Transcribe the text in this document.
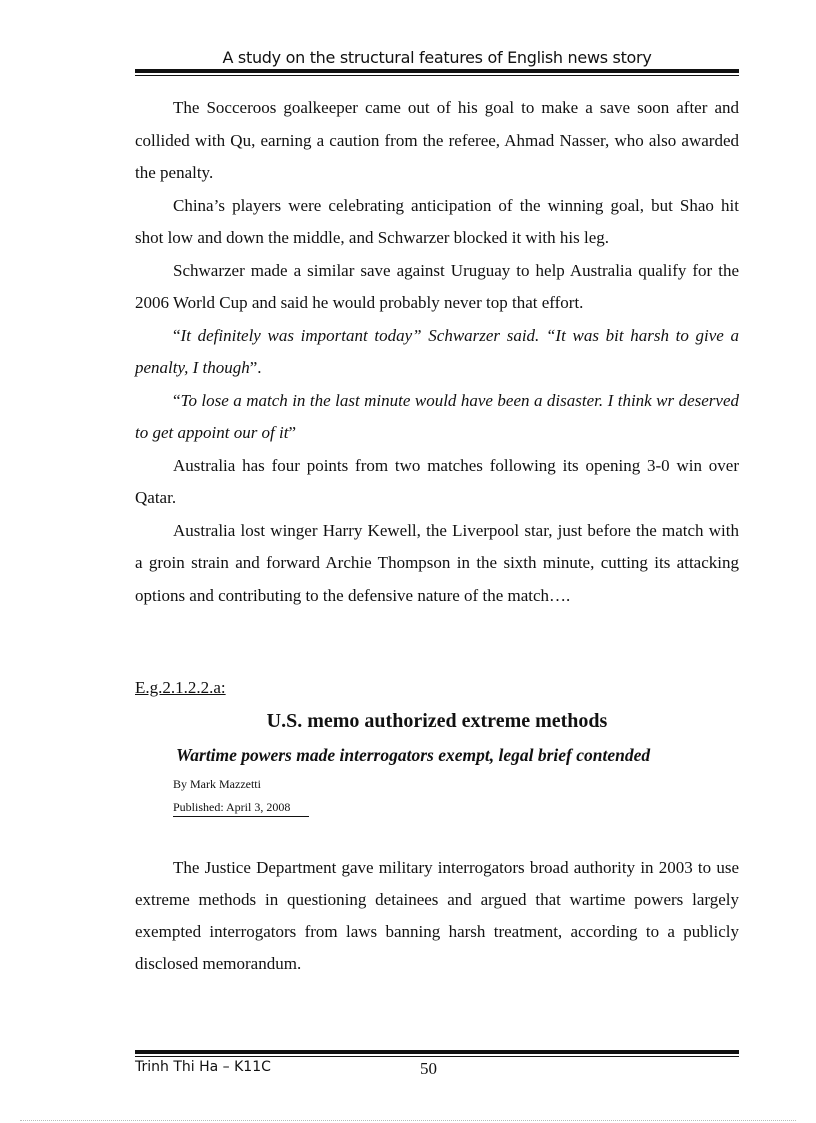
A study on the structural features of English news story

The Socceroos goalkeeper came out of his goal to make a save soon after and collided with Qu, earning a caution from the referee, Ahmad Nasser, who also awarded the penalty.

China’s players were celebrating anticipation of the winning goal, but Shao hit shot low and down the middle, and Schwarzer blocked it with his leg.

Schwarzer made a similar save against Uruguay to help Australia qualify for the 2006 World Cup and said he would probably never top that effort.

“It definitely was important today” Schwarzer said. “It was bit harsh to give a penalty, I though”.

“To lose a match in the last minute would have been a disaster. I think wr deserved to get appoint our of it”

Australia has four points from two matches following its opening 3-0 win over Qatar.

Australia lost winger Harry Kewell, the Liverpool star, just before the match with a groin strain and forward Archie Thompson in the sixth minute, cutting its attacking options and contributing to the defensive nature of the match….

E.g.2.1.2.2.a:
U.S. memo authorized extreme methods
Wartime powers made interrogators exempt, legal brief contended
By Mark Mazzetti
Published: April 3, 2008

The Justice Department gave military interrogators broad authority in 2003 to use extreme methods in questioning detainees and argued that wartime powers largely exempted interrogators from laws banning harsh treatment, according to a publicly disclosed memorandum.

Trinh Thi Ha – K11C	50
